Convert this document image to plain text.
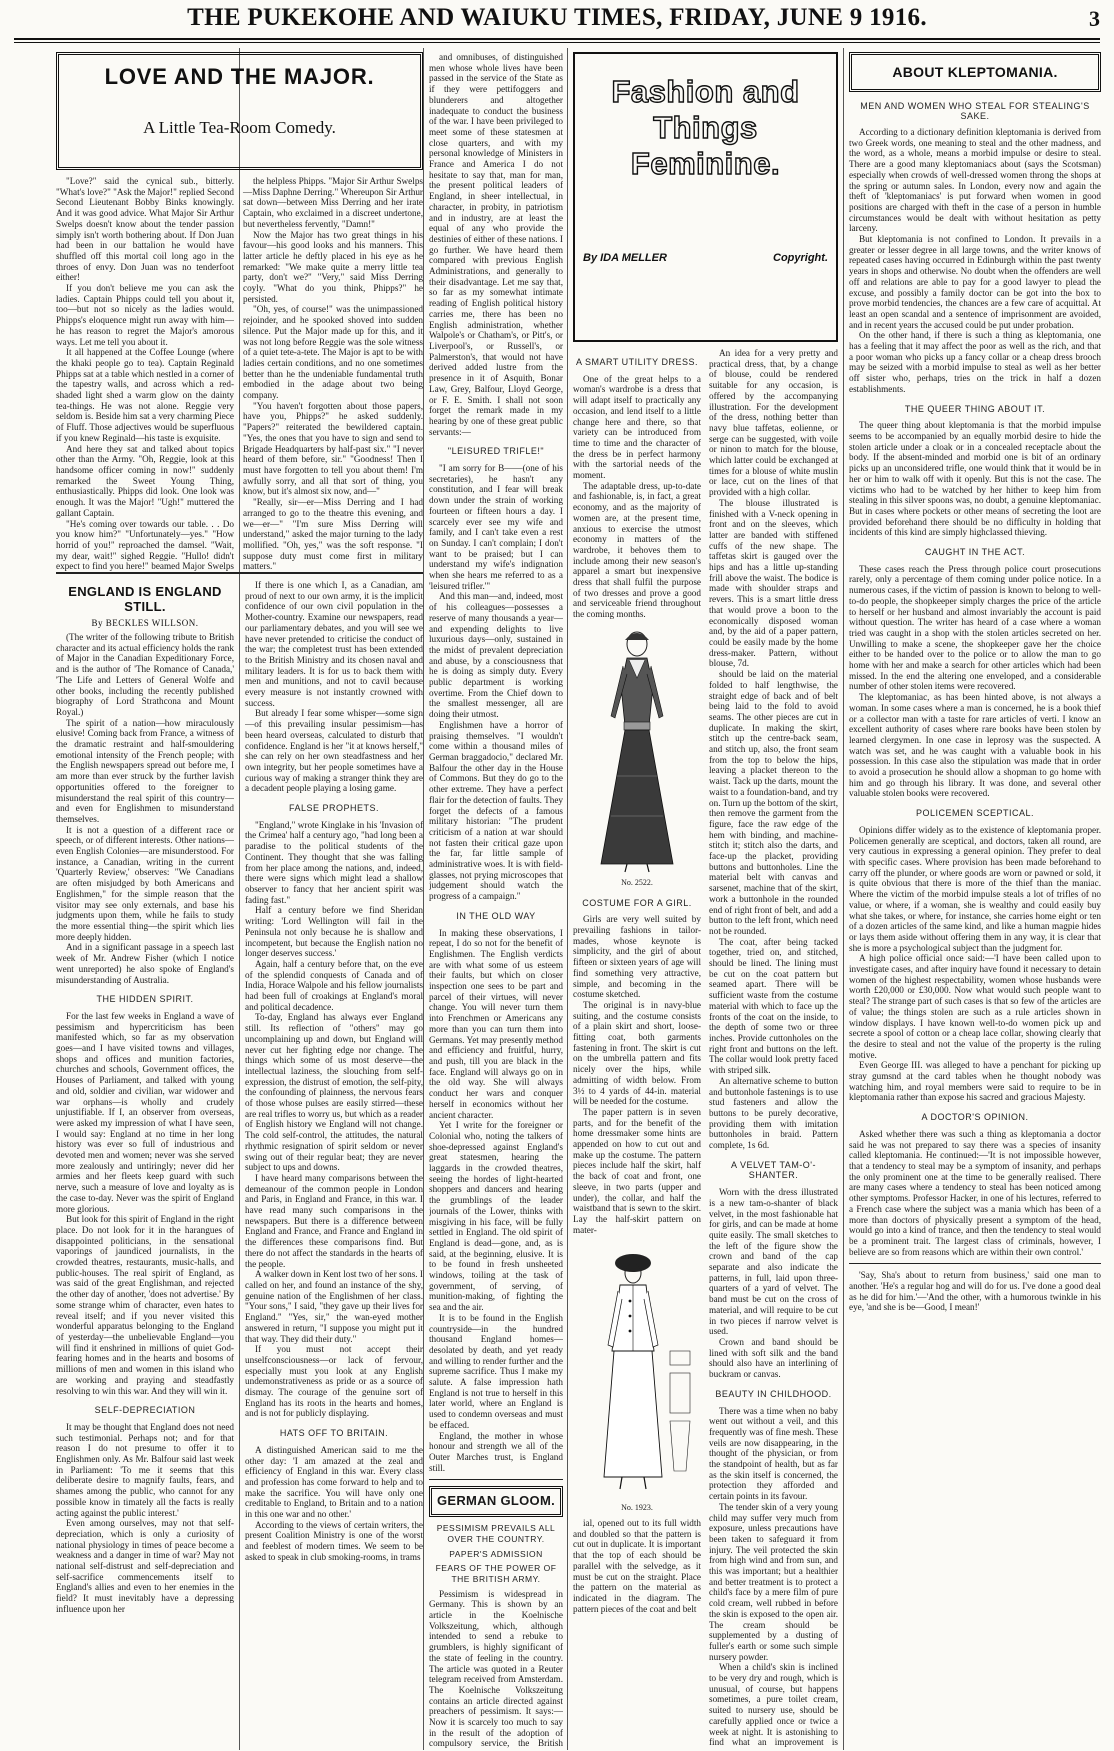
THE PUKEKOHE AND WAIUKU TIMES, FRIDAY, JUNE 9 1916.	3
LOVE AND THE MAJOR.
A Little Tea-Room Comedy.

"Love?" said the cynical sub., bitterly. "What's love?" "Ask the Major!" replied Second Second Lieutenant Bobby Binks knowingly. And it was good advice. What Major Sir Arthur Swelps doesn't know about the tender passion simply isn't worth bothering about. If Don Juan had been in our battalion he would have shuffled off this mortal coil long ago in the throes of envy. Don Juan was no tenderfoot either!

If you don't believe me you can ask the ladies. Captain Phipps could tell you about it, too—but not so nicely as the ladies would. Phipps's eloquence might run away with him—he has reason to regret the Major's amorous ways. Let me tell you about it.

It all happened at the Coffee Lounge (where the khaki people go to tea). Captain Reginald Phipps sat at a table which nestled in a corner of the tapestry walls, and across which a red-shaded light shed a warm glow on the dainty tea-things. He was not alone. Reggie very seldom is. Beside him sat a very charming Piece of Fluff. Those adjectives would be superfluous if you knew Reginald—his taste is exquisite.

And here they sat and talked about topics other than the Army. "Oh, Reggie, look at this handsome officer coming in now!" suddenly remarked the Sweet Young Thing, enthusiastically. Phipps did look. One look was enough. It was the Major! "Ugh!" muttered the gallant Captain.

"He's coming over towards our table. . . Do you know him?" "Unfortunately—yes." "How horrid of you!" reproached the damsel. "Wait, my dear, wait!" sighed Reggie. "Hullo! didn't expect to find you here!" beamed Major Swelps

the helpless Phipps. "Major Sir Arthur Swelps—Miss Daphne Derring." Whereupon Sir Arthur sat down—between Miss Derring and her irate Captain, who exclaimed in a discreet undertone, but nevertheless fervently, "Damn!"

Now the Major has two great things in his favour—his good looks and his manners. This latter article he deftly placed in his eye as he remarked: "We make quite a merry little tea party, don't we?" "Very," said Miss Derring coyly. "What do you think, Phipps?" he persisted.

"Oh, yes, of course!" was the unimpassioned rejoinder, and he spooked shoved into sudden silence. Put the Major made up for this, and it was not long before Reggie was the sole witness of a quiet tete-a-tete. The Major is apt to be with ladies certain conditions, and no one sometimes better than he the undeniable fundamental truth embodied in the adage about two being company.

"You haven't forgotten about those papers, have you, Phipps?" he asked suddenly. "Papers?" reiterated the bewildered captain. "Yes, the ones that you have to sign and send to Brigade Headquarters by half-past six." "I never heard of them before, sir." "Goodness! Then I must have forgotten to tell you about them! I'm awfully sorry, and all that sort of thing, you know, but it's almost six now, and—"

"Really, sir—er—Miss Derring and I had arranged to go to the theatre this evening, and we—er—" "I'm sure Miss Derring will understand," asked the major turning to the lady mollified. "Oh, yes," was the soft response. "I suppose duty must come first in military matters."

ENGLAND IS ENGLAND STILL.
By BECKLES WILLSON.

(The writer of the following tribute to British character and its actual efficiency holds the rank of Major in the Canadian Expeditionary Force, and is the author of 'The Romance of Canada,' 'The Life and Letters of General Wolfe and other books, including the recently published biography of Lord Strathcona and Mount Royal.)

The spirit of a nation—how miraculously elusive! Coming back from France, a witness of the dramatic restraint and half-smouldering emotional intensity of the French people; with the English newspapers spread out before me, I am more than ever struck by the further lavish opportunities offered to the foreigner to misunderstand the real spirit of this country—and even for Englishmen to misunderstand themselves.

It is not a question of a different race or speech, or of different interests. Other nations—even English Colonies—are misunderstood. For instance, a Canadian, writing in the current 'Quarterly Review,' observes: "We Canadians are often misjudged by both Americans and Englishmen," for the simple reason that the visitor may see only externals, and base his judgments upon them, while he fails to study the more essential thing—the spirit which lies more deeply hidden.

And in a significant passage in a speech last week of Mr. Andrew Fisher (which I notice went unreported) he also spoke of England's misunderstanding of Australia.

THE HIDDEN SPIRIT.

For the last few weeks in England a wave of pessimism and hypercriticism has been manifested which, so far as my observation goes—and I have visited towns and villages, shops and offices and munition factories, churches and schools, Government offices, the Houses of Parliament, and talked with young and old, soldier and civilian, war widower and war orphans—is wholly and crudely unjustifiable. If I, an observer from overseas, were asked my impression of what I have seen, I would say: England at no time in her long history was ever so full of industrious and devoted men and women; never was she served more zealously and untiringly; never did her armies and her fleets keep guard with such nerve, such a measure of love and loyalty as is the case to-day. Never was the spirit of England more glorious.

But look for this spirit of England in the right place. Do not look for it in the harangues of disappointed politicians, in the sensational vaporings of jaundiced journalists, in the crowded theatres, restaurants, music-halls, and public-houses. The real spirit of England, as was said of the great Englishman, and rejected the other day of another, 'does not advertise.' By some strange whim of character, even hates to reveal itself; and if you never visited this wonderful apparatus belonging to the England of yesterday—the unbelievable England—you will find it enshrined in millions of quiet God-fearing homes and in the hearts and bosoms of millions of men and women in this island who are working and praying and steadfastly resolving to win this war. And they will win it.

SELF-DEPRECIATION

It may be thought that England does not need such testimonial. Perhaps not; and for that reason I do not presume to offer it to Englishmen only. As Mr. Balfour said last week in Parliament: 'To me it seems that this deliberate desire to magnify faults, fears, and shames among the public, who cannot for any possible know in timately all the facts is really acting against the public interest.'

Even among ourselves, may not that self-depreciation, which is only a curiosity of national physiology in times of peace become a weakness and a danger in time of war? May not national self-distrust and self-depreciation and self-sacrifice commencements itself to England's allies and even to her enemies in the field? It must inevitably have a depressing influence upon her

If there is one which I, as a Canadian, am proud of next to our own army, it is the implicit confidence of our own civil population in the Mother-country. Examine our newspapers, read our parliamentary debates, and you will see we have never pretended to criticise the conduct of the war; the completest trust has been extended to the British Ministry and its chosen naval and military leaders. It is for us to back them with men and munitions, and not to cavil because every measure is not instantly crowned with success.

But already I fear some whisper—some sign—of this prevailing insular pessimism—has been heard overseas, calculated to disturb that confidence. England is her "it at knows herself," she can rely on her own steadfastness and her own integrity, but her people sometimes have a curious way of making a stranger think they are a decadent people playing a losing game.

FALSE PROPHETS.

"England," wrote Kinglake in his 'Invasion of the Crimea' half a century ago, "had long been a paradise to the political students of the Continent. They thought that she was falling from her place among the nations, and, indeed, there were signs which might lead a shallow observer to fancy that her ancient spirit was fading fast."

Half a century before we find Sheridan writing: 'Lord Wellington will fail in the Peninsula not only because he is shallow and incompetent, but because the English nation no longer deserves success.'

Again, half a century before that, on the eve of the splendid conquests of Canada and of India, Horace Walpole and his fellow journalists had been full of croakings at England's moral and political decadence.

To-day, England has always ever England still. Its reflection of "others" may go uncomplaining up and down, but England will never cut her fighting edge nor change. The things which some of us most deserve—the intellectual laziness, the slouching from self-expression, the distrust of emotion, the self-pity, the confounding of plainness, the nervous fears of those whose pulses are easily stirred—these are real trifles to worry us, but which as a reader of English history we England will not change. The cold self-control, the attitudes, the natural rhythmic resignation of spirit seldom or never swing out of their regular beat; they are never subject to ups and downs.

I have heard many comparisons between the demeanour of the common people in London and Paris, in England and France, in this war. I have read many such comparisons in the newspapers. But there is a difference between England and France, and France and England in the differences these comparisons find. But there do not affect the standards in the hearts of the people.

A walker down in Kent lost two of her sons. I called on her, and found an instance of the shy, genuine nation of the Englishmen of her class. "Your sons," I said, "they gave up their lives for England." "Yes, sir," the wan-eyed mother answered in return, "I suppose you might put it that way. They did their duty."

If you must not accept their unselfconsciousness—or lack of fervour, especially must you look at any English undemonstrativeness as pride or as a source of dismay. The courage of the genuine sort of England has its roots in the hearts and homes, and is not for publicly displaying.

HATS OFF TO BRITAIN.

A distinguished American said to me the other day: 'I am amazed at the zeal and efficiency of England in this war. Every class and profession has come forward to help and to make the sacrifice. You will have only one creditable to England, to Britain and to a nation in this one war and no other.'

According to the views of certain writers, the present Coalition Ministry is one of the worst and feeblest of modern times. We seem to be asked to speak in club smoking-rooms, in trams

and omnibuses, of distinguished men whose whole lives have been passed in the service of the State as if they were pettifoggers and blunderers and altogether inadequate to conduct the business of the war. I have been privileged to meet some of these statesmen at close quarters, and with my personal knowledge of Ministers in France and America I do not hesitate to say that, man for man, the present political leaders of England, in sheer intellectual, in character, in probity, in patriotism and in industry, are at least the equal of any who provide the destinies of either of these nations. I go further. We have heard them compared with previous English Administrations, and generally to their disadvantage. Let me say that, so far as my somewhat intimate reading of English political history carries me, there has been no English administration, whether Walpole's or Chatham's, or Pitt's, or Liverpool's, or Russell's, or Palmerston's, that would not have derived added lustre from the presence in it of Asquith, Bonar Law, Grey, Balfour, Lloyd George, or F. E. Smith. I shall not soon forget the remark made in my hearing by one of these great public servants:—

"LEISURED TRIFLE!"

"I am sorry for B——(one of his secretaries), he hasn't any constitution, and I fear will break down under the strain of working fourteen or fifteen hours a day. I scarcely ever see my wife and family, and I can't take even a rest on Sunday. I can't complain; I don't want to be praised; but I can understand my wife's indignation when she hears me referred to as a 'leisured trifler.'"

And this man—and, indeed, most of his colleagues—possesses a reserve of many thousands a year—and expending delights to live luxurious days—only, sustained in the midst of prevalent depreciation and abuse, by a consciousness that he is doing as simply duty. Every public department is working overtime. From the Chief down to the smallest messenger, all are doing their utmost.

Englishmen have a horror of praising themselves. "I wouldn't come within a thousand miles of German braggadocio," declared Mr. Balfour the other day in the House of Commons. But they do go to the other extreme. They have a perfect flair for the detection of faults. They forget the defects of a famous military historian: "The prudent criticism of a nation at war should not fasten their critical gaze upon the far, far little sample of administrative woes. It is with field-glasses, not prying microscopes that judgement should watch the progress of a campaign."

IN THE OLD WAY

In making these observations, I repeat, I do so not for the benefit of Englishmen. The English verdicts are with what some of us esteem their faults, but which on closer inspection one sees to be part and parcel of their virtues, will never change. You will never turn them into Frenchmen or Americans any more than you can turn them into Germans. Yet may presently method and efficiency and fruitful, hurry, and push, till you are black in the face. England will always go on in the old way. She will always conduct her wars and conquer herself in economics without her ancient character.

Yet I write for the foreigner or Colonial who, noting the talkers of shoe-depressed against England's great statesmen, hearing the laggards in the crowded theatres, seeing the hordes of light-hearted shoppers and dancers and hearing the grumblings of the leader journals of the Lower, thinks with misgiving in his face, will be fully settled in England. The old spirit of England is dead—gone, and, as is said, at the beginning, elusive. It is to be found in fresh unsheeted windows, toiling at the task of government, of serving, of munition-making, of fighting the sea and the air.

It is to be found in the English countryside—in the hundred thousand England homes—desolated by death, and yet ready and willing to render further and the supreme sacrifice. Thus I make my salute. A false impression hath England is not true to herself in this later world, where an England is used to condemn overseas and must be effaced.

England, the mother in whose honour and strength we all of the Outer Marches trust, is England still.

GERMAN GLOOM.
PESSIMISM PREVAILS ALL OVER THE COUNTRY.
PAPER'S ADMISSION
FEARS OF THE POWER OF THE BRITISH ARMY.

Pessimism is widespread in Germany. This is shown by an article in the Koelnische Volkszeitung, which, although intended to send a rebuke to grumblers, is highly significant of the state of feeling in the country. The article was quoted in a Reuter telegram received from Amsterdam. The Koelnische Volkszeitung contains an article directed against preachers of pessimism. It says:— Now it is scarcely too much to say in the result of the adoption of compulsory service, the British

Fashion and Things Feminine.
By IDA MELLER	Copyright.
A SMART UTILITY DRESS.

One of the great helps to a woman's wardrobe is a dress that will adapt itself to practically any occasion, and lend itself to a little change here and there, so that variety can be introduced from time to time and the character of the dress be in perfect harmony with the sartorial needs of the moment.

The adaptable dress, up-to-date and fashionable, is, in fact, a great economy, and as the majority of women are, at the present time, anxious to exercise the utmost economy in matters of the wardrobe, it behoves them to include among their new season's apparel a smart but inexpensive dress that shall fulfil the purpose of two dresses and prove a good and serviceable friend throughout the coming months.

No. 2522.
COSTUME FOR A GIRL.

Girls are very well suited by prevailing fashions in tailor-mades, whose keynote is simplicity, and the girl of about fifteen or sixteen years of age will find something very attractive, simple, and becoming in the costume sketched.

The original is in navy-blue suiting, and the costume consists of a plain skirt and short, loose-fitting coat, both garments fastening in front. The skirt is cut on the umbrella pattern and fits nicely over the hips, while admitting of width below. From 3½ to 4 yards of 44-in. material will be needed for the costume.

The paper pattern is in seven parts, and for the benefit of the home dressmaker some hints are appended on how to cut out and make up the costume. The pattern pieces include half the skirt, half the back of coat and front, one sleeve, in two parts (upper and under), the collar, and half the waistband that is sewn to the skirt. Lay the half-skirt pattern on mater-

No. 1923.

ial, opened out to its full width and doubled so that the pattern is cut out in duplicate. It is important that the top of each should be parallel with the selvedge, as it must be cut on the straight. Place the pattern on the material as indicated in the diagram. The pattern pieces of the coat and belt

An idea for a very pretty and practical dress, that, by a change of blouse, could be rendered suitable for any occasion, is offered by the accompanying illustration. For the development of the dress, nothing better than navy blue taffetas, eolienne, or serge can be suggested, with voile or ninon to match for the blouse, which latter could be exchanged at times for a blouse of white muslin or lace, cut on the lines of that provided with a high collar.

The blouse illustrated is finished with a V-neck opening in front and on the sleeves, which latter are banded with stiffened cuffs of the new shape. The taffetas skirt is gauged over the hips and has a little up-standing frill above the waist. The bodice is made with shoulder straps and revers. This is a smart little dress that would prove a boon to the economically disposed woman and, by the aid of a paper pattern, could be easily made by the home dress-maker. Pattern, without blouse, 7d.

should be laid on the material folded to half lengthwise, the straight edge of back and of belt being laid to the fold to avoid seams. The other pieces are cut in duplicate. In making the skirt, stitch up the centre-back seam, and stitch up, also, the front seam from the top to below the hips, leaving a placket thereon to the waist. Tack up the darts, mount the waist to a foundation-band, and try on. Turn up the bottom of the skirt, then remove the garment from the figure, face the raw edge of the hem with binding, and machine-stitch it; stitch also the darts, and face-up the placket, providing buttons and buttonholes. Line the material belt with canvas and sarsenet, machine that of the skirt, work a buttonhole in the rounded end of right front of belt, and add a button to the left front, which need not be rounded.

The coat, after being tacked together, tried on, and stitched, should be lined. The lining must be cut on the coat pattern but seamed apart. There will be sufficient waste from the costume material with which to face up the fronts of the coat on the inside, to the depth of some two or three inches. Provide cuttonholes on the right front and buttons on the left. The collar would look pretty faced with striped silk.

An alternative scheme to button and buttonhole fastenings is to use stud fasteners and allow the buttons to be purely decorative, providing them with imitation buttonholes in braid. Pattern complete, 1s 6d.

A VELVET TAM-O'-SHANTER.

Worn with the dress illustrated is a new tam-o-shanter of black velvet, in the most fashionable hat for girls, and can be made at home quite easily. The small sketches to the left of the figure show the crown and band of the cap separate and also indicate the patterns, in full, laid upon three-quarters of a yard of velvet. The band must be cut on the cross of material, and will require to be cut in two pieces if narrow velvet is used.

Crown and band should be lined with soft silk and the band should also have an interlining of buckram or canvas.

BEAUTY IN CHILDHOOD.

There was a time when no baby went out without a veil, and this frequently was of fine mesh. These veils are now disappearing, in the thought of the physician, or from the standpoint of health, but as far as the skin itself is concerned, the protection they afforded and certain points in its favour.

The tender skin of a very young child may suffer very much from exposure, unless precautions have been taken to safeguard it from injury. The veil protected the skin from high wind and from sun, and this was important; but a healthier and better treatment is to protect a child's face by a mere film of pure cold cream, well rubbed in before the skin is exposed to the open air. The cream should be supplemented by a dusting of fuller's earth or some such simple nursery powder.

When a child's skin is inclined to be very dry and rough, which is unusual, of course, but happens sometimes, a pure toilet cream, suited to nursery use, should be carefully applied once or twice a week at night. It is astonishing to find what an improvement is

ABOUT KLEPTOMANIA.
MEN AND WOMEN WHO STEAL FOR STEALING'S SAKE.

According to a dictionary definition kleptomania is derived from two Greek words, one meaning to steal and the other madness, and the word, as a whole, means a morbid impulse or desire to steal. There are a good many kleptomaniacs about (says the Scotsman) especially when crowds of well-dressed women throng the shops at the spring or autumn sales. In London, every now and again the theft of 'kleptomaniacs' is put forward when women in good positions are charged with theft in the case of a person in humble circumstances would be dealt with without hesitation as petty larceny.

But kleptomania is not confined to London. It prevails in a greater or lesser degree in all large towns, and the writer knows of repeated cases having occurred in Edinburgh within the past twenty years in shops and otherwise. No doubt when the offenders are well off and relations are able to pay for a good lawyer to plead the excuse, and possibly a family doctor can be got into the box to prove morbid tendencies, the chances are a few care of acquittal. At least an open scandal and a sentence of imprisonment are avoided, and in recent years the accused could be put under probation.

On the other hand, if there is such a thing as kleptomania, one has a feeling that it may affect the poor as well as the rich, and that a poor woman who picks up a fancy collar or a cheap dress brooch may be seized with a morbid impulse to steal as well as her better off sister who, perhaps, tries on the trick in half a dozen establishments.

THE QUEER THING ABOUT IT.

The queer thing about kleptomania is that the morbid impulse seems to be accompanied by an equally morbid desire to hide the stolen article under a cloak or in a concealed receptacle about the body. If the absent-minded and morbid one is bit of an ordinary picks up an unconsidered trifle, one would think that it would be in her or him to walk off with it openly. But this is not the case. The victims who had to be watched by her hither to keep him from stealing in this silver spoons was, no doubt, a genuine kleptomaniac. But in cases where pockets or other means of secreting the loot are provided beforehand there should be no difficulty in holding that incidents of this kind are simply highclassed thieving.

CAUGHT IN THE ACT.

These cases reach the Press through police court prosecutions rarely, only a percentage of them coming under police notice. In a numerous cases, if the victim of passion is known to belong to well-to-do people, the shopkeeper simply charges the price of the article to herself or her husband and almost invariably the account is paid without question. The writer has heard of a case where a woman tried was caught in a shop with the stolen articles secreted on her. Unwilling to make a scene, the shopkeeper gave her the choice either to be handed over to the police or to allow the man to go home with her and make a search for other articles which had been missed. In the end the altering one enveloped, and a considerable number of other stolen items were recovered.

The kleptomaniac, as has been hinted above, is not always a woman. In some cases where a man is concerned, he is a book thief or a collector man with a taste for rare articles of verti. I know an excellent authority of cases where rare books have been stolen by learned clergymen. In one case in leprosy was the suspected. A watch was set, and he was caught with a valuable book in his possession. In this case also the stipulation was made that in order to avoid a prosecution he should allow a shopman to go home with him and go through his library. It was done, and several other valuable stolen books were recovered.

POLICEMEN SCEPTICAL.

Opinions differ widely as to the existence of kleptomania proper. Policemen generally are sceptical, and doctors, taken all round, are very cautious in expressing a general opinion. They prefer to deal with specific cases. Where provision has been made beforehand to carry off the plunder, or where goods are worn or pawned or sold, it is quite obvious that there is more of the thief than the maniac. Where the victim of the morbid impulse steals a lot of trifles of no value, or where, if a woman, she is wealthy and could easily buy what she takes, or where, for instance, she carries home eight or ten of a dozen articles of the same kind, and like a human magpie hides or lays them aside without offering them in any way, it is clear that she is more a psychological subject than the judgment for.

A high police official once said:—'I have been called upon to investigate cases, and after inquiry have found it necessary to detain women of the highest respectability, women whose husbands were worth £20,000 or £30,000. Now what would such people want to steal? The strange part of such cases is that so few of the articles are of value; the things stolen are such as a rule articles shown in window displays. I have known well-to-do women pick up and secrete a spool of cotton or a cheap lace collar, showing clearly that the desire to steal and not the value of the property is the ruling motive.

Even George III. was alleged to have a penchant for picking up stray gumsnd at the card tables when he thought nobody was watching him, and royal members were said to require to be in kleptomania rather than expose his sacred and gracious Majesty.

A DOCTOR'S OPINION.

Asked whether there was such a thing as kleptomania a doctor said he was not prepared to say there was a species of insanity called kleptomania. He continued:—'It is not impossible however, that a tendency to steal may be a symptom of insanity, and perhaps the only prominent one at the time to be generally realised. There are many cases where a tendency to steal has been noticed among other symptoms. Professor Hacker, in one of his lectures, referred to a French case where the subject was a mania which has been of a more than doctors of physically present a symptom of the head, would go into a kind of trance, and then the tendency to steal would be a prominent trait. The largest class of criminals, however, I believe are so from reasons which are within their own control.'

'Say, Sha's about to return from business,' said one man to another. 'He's a regular hog and will do for us. I've done a good deal as he did for him.'—'And the other, with a humorous twinkle in his eye, 'and she is be—Good, I mean!'
